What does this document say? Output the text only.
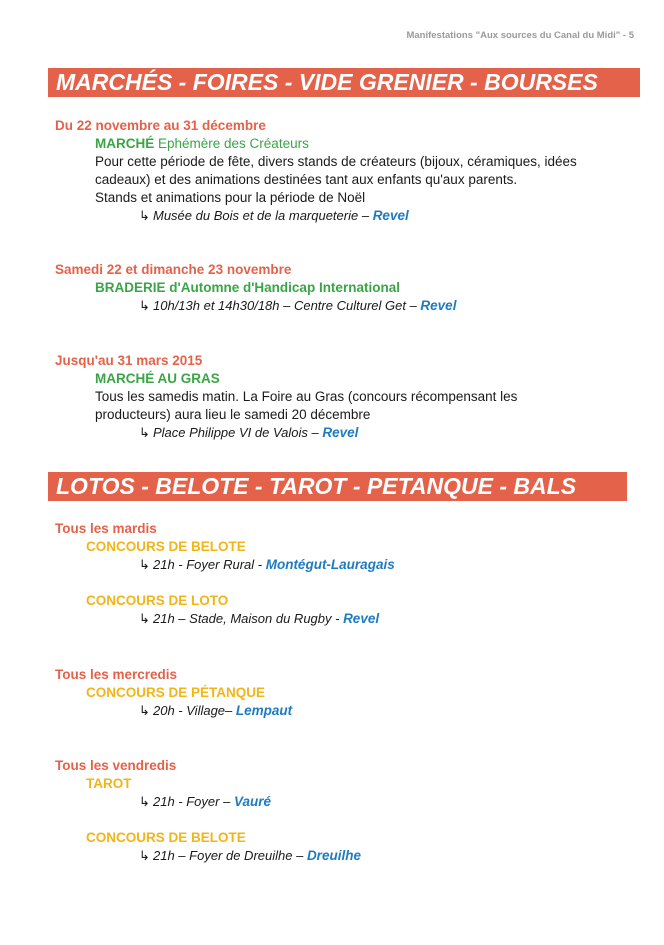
Manifestations "Aux sources du Canal du Midi" - 5
MARCHÉS - FOIRES - VIDE GRENIER - BOURSES
Du 22 novembre au 31 décembre
MARCHÉ Ephémère des Créateurs
Pour cette période de fête, divers stands de créateurs (bijoux, céramiques, idées
cadeaux) et des animations destinées tant aux enfants qu'aux parents.
Stands et animations pour la période de Noël
↳ Musée du Bois et de la marqueterie – Revel
Samedi 22 et dimanche 23 novembre
BRADERIE d'Automne d'Handicap International
↳ 10h/13h et 14h30/18h – Centre Culturel Get – Revel
Jusqu'au 31 mars 2015
MARCHÉ AU GRAS
Tous les samedis matin. La Foire au Gras (concours récompensant les
producteurs) aura lieu le samedi 20 décembre
↳ Place Philippe VI de Valois – Revel
LOTOS - BELOTE - TAROT - PETANQUE - BALS
Tous les mardis
CONCOURS DE BELOTE
↳ 21h - Foyer Rural - Montégut-Lauragais
CONCOURS DE LOTO
↳ 21h – Stade, Maison du Rugby - Revel
Tous les mercredis
CONCOURS DE PÉTANQUE
↳ 20h - Village– Lempaut
Tous les vendredis
TAROT
↳ 21h - Foyer – Vauré
CONCOURS DE BELOTE
↳ 21h – Foyer de Dreuilhe – Dreuilhe
